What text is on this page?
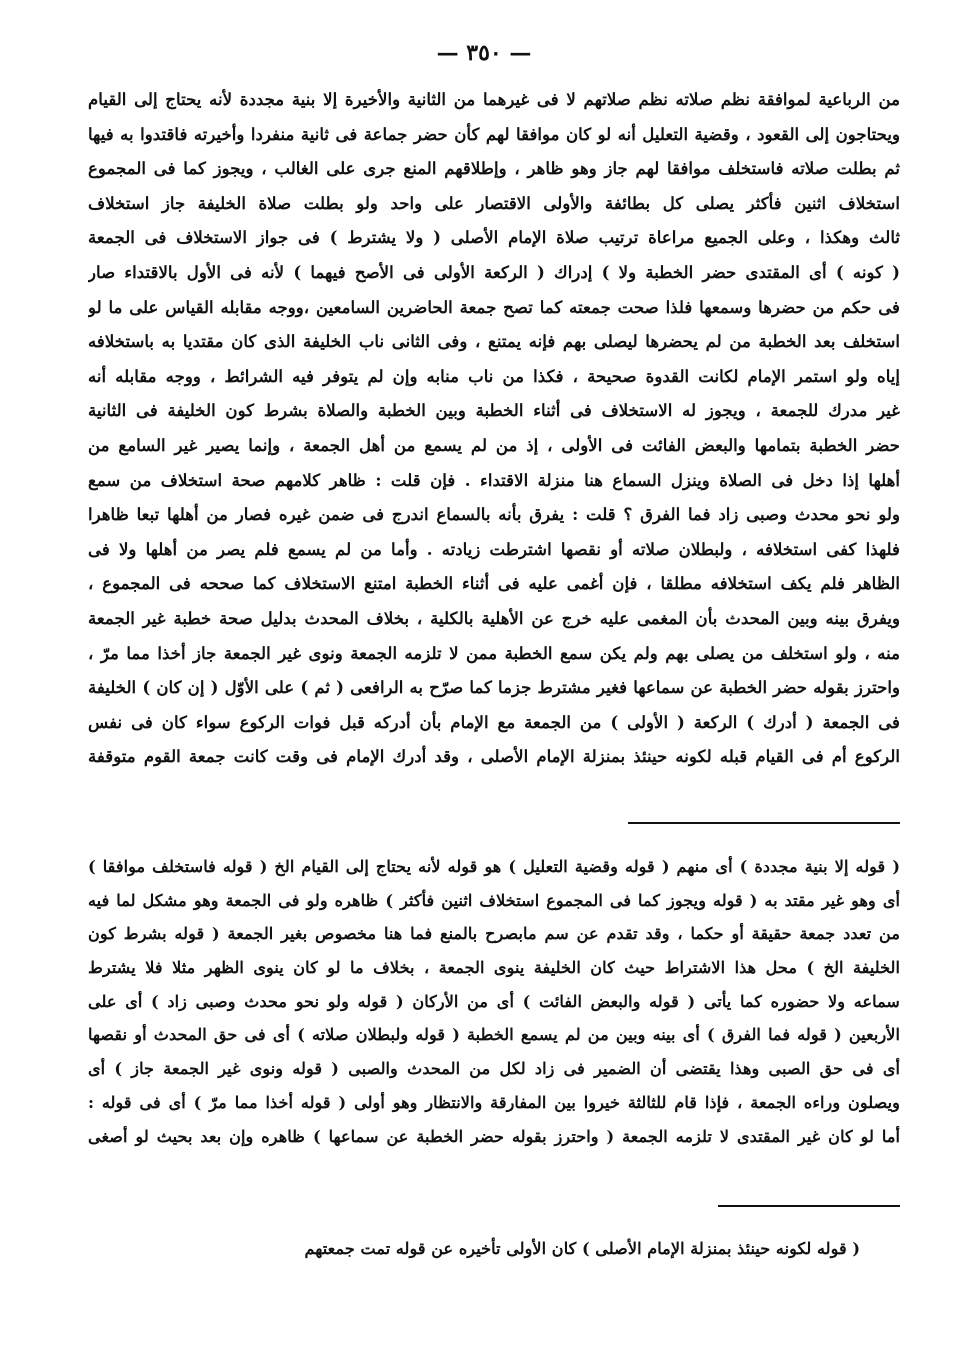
— ٣٥٠ —
من الرباعية لموافقة نظم صلاته نظم صلاتهم لا فى غيرهما من الثانية والأخيرة إلا بنية مجددة لأنه يحتاج إلى القيام
ويحتاجون إلى القعود ، وقضية التعليل أنه لو كان موافقا لهم كأن حضر جماعة فى ثانية منفردا وأخيرته فاقتدوا به فيها
ثم بطلت صلاته فاستخلف موافقا لهم جاز وهو ظاهر ، وإطلاقهم المنع جرى على الغالب ، ويجوز كما فى المجموع
استخلاف اثنين فأكثر يصلى كل بطائفة والأولى الاقتصار على واحد ولو بطلت صلاة الخليفة جاز استخلاف
ثالث وهكذا ، وعلى الجميع مراعاة ترتيب صلاة الإمام الأصلى ( ولا يشترط ) فى جواز الاستخلاف فى الجمعة
( كونه ) أى المقتدى حضر الخطبة ولا ) إدراك ( الركعة الأولى فى الأصح فيهما ) لأنه فى الأول بالاقتداء صار
فى حكم من حضرها وسمعها فلذا صحت جمعته كما تصح جمعة الحاضرين السامعين ،ووجه مقابله القياس على ما لو
استخلف بعد الخطبة من لم يحضرها ليصلى بهم فإنه يمتنع ، وفى الثانى ناب الخليفة الذى كان مقتديا به باستخلافه
إياه ولو استمر الإمام لكانت القدوة صحيحة ، فكذا من ناب منابه وإن لم يتوفر فيه الشرائط ، ووجه مقابله أنه
غير مدرك للجمعة ، ويجوز له الاستخلاف فى أثناء الخطبة وبين الخطبة والصلاة بشرط كون الخليفة فى الثانية
حضر الخطبة بتمامها والبعض الفائت فى الأولى ، إذ من لم يسمع من أهل الجمعة ، وإنما يصير غير السامع من
أهلها إذا دخل فى الصلاة وينزل السماع هنا منزلة الاقتداء . فإن قلت : ظاهر كلامهم صحة استخلاف من سمع
ولو نحو محدث وصبى زاد فما الفرق ؟ قلت : يفرق بأنه بالسماع اندرج فى ضمن غيره فصار من أهلها تبعا ظاهرا
فلهذا كفى استخلافه ، ولبطلان صلاته أو نقصها اشترطت زيادته . وأما من لم يسمع فلم يصر من أهلها ولا فى
الظاهر فلم يكف استخلافه مطلقا ، فإن أغمى عليه فى أثناء الخطبة امتنع الاستخلاف كما صححه فى المجموع ،
ويفرق بينه وبين المحدث بأن المغمى عليه خرج عن الأهلية بالكلية ، بخلاف المحدث بدليل صحة خطبة غير الجمعة
منه ، ولو استخلف من يصلى بهم ولم يكن سمع الخطبة ممن لا تلزمه الجمعة ونوى غير الجمعة جاز أخذا مما مرّ ،
واحترز بقوله حضر الخطبة عن سماعها فغير مشترط جزما كما صرّح به الرافعى ( ثم ) على الأوّل ( إن كان ) الخليفة
فى الجمعة ( أدرك ) الركعة ( الأولى ) من الجمعة مع الإمام بأن أدركه قبل فوات الركوع سواء كان فى نفس
الركوع أم فى القيام قبله لكونه حينئذ بمنزلة الإمام الأصلى ، وقد أدرك الإمام فى وقت كانت جمعة القوم متوقفة
( قوله إلا بنية مجددة ) أى منهم ( قوله وقضية التعليل ) هو قوله لأنه يحتاج إلى القيام الخ ( قوله فاستخلف موافقا )
أى وهو غير مقتد به ( قوله ويجوز كما فى المجموع استخلاف اثنين فأكثر ) ظاهره ولو فى الجمعة وهو مشكل لما فيه
من تعدد جمعة حقيقة أو حكما ، وقد تقدم عن سم مابصرح بالمنع فما هنا مخصوص بغير الجمعة ( قوله بشرط كون
الخليفة الخ ) محل هذا الاشتراط حيث كان الخليفة ينوى الجمعة ، بخلاف ما لو كان ينوى الظهر مثلا فلا يشترط
سماعه ولا حضوره كما يأتى ( قوله والبعض الفائت ) أى من الأركان ( قوله ولو نحو محدث وصبى زاد ) أى على
الأربعين ( قوله فما الفرق ) أى بينه وبين من لم يسمع الخطبة ( قوله ولبطلان صلاته ) أى فى حق المحدث أو نقصها
أى فى حق الصبى وهذا يقتضى أن الضمير فى زاد لكل من المحدث والصبى ( قوله ونوى غير الجمعة جاز ) أى
ويصلون وراءه الجمعة ، فإذا قام للثالثة خيروا بين المفارقة والانتظار وهو أولى ( قوله أخذا مما مرّ ) أى فى قوله :
أما لو كان غير المقتدى لا تلزمه الجمعة ( واحترز بقوله حضر الخطبة عن سماعها ) ظاهره وإن بعد بحيث لو أصغى
( قوله لكونه حينئذ بمنزلة الإمام الأصلى ) كان الأولى تأخيره عن قوله تمت جمعتهم
